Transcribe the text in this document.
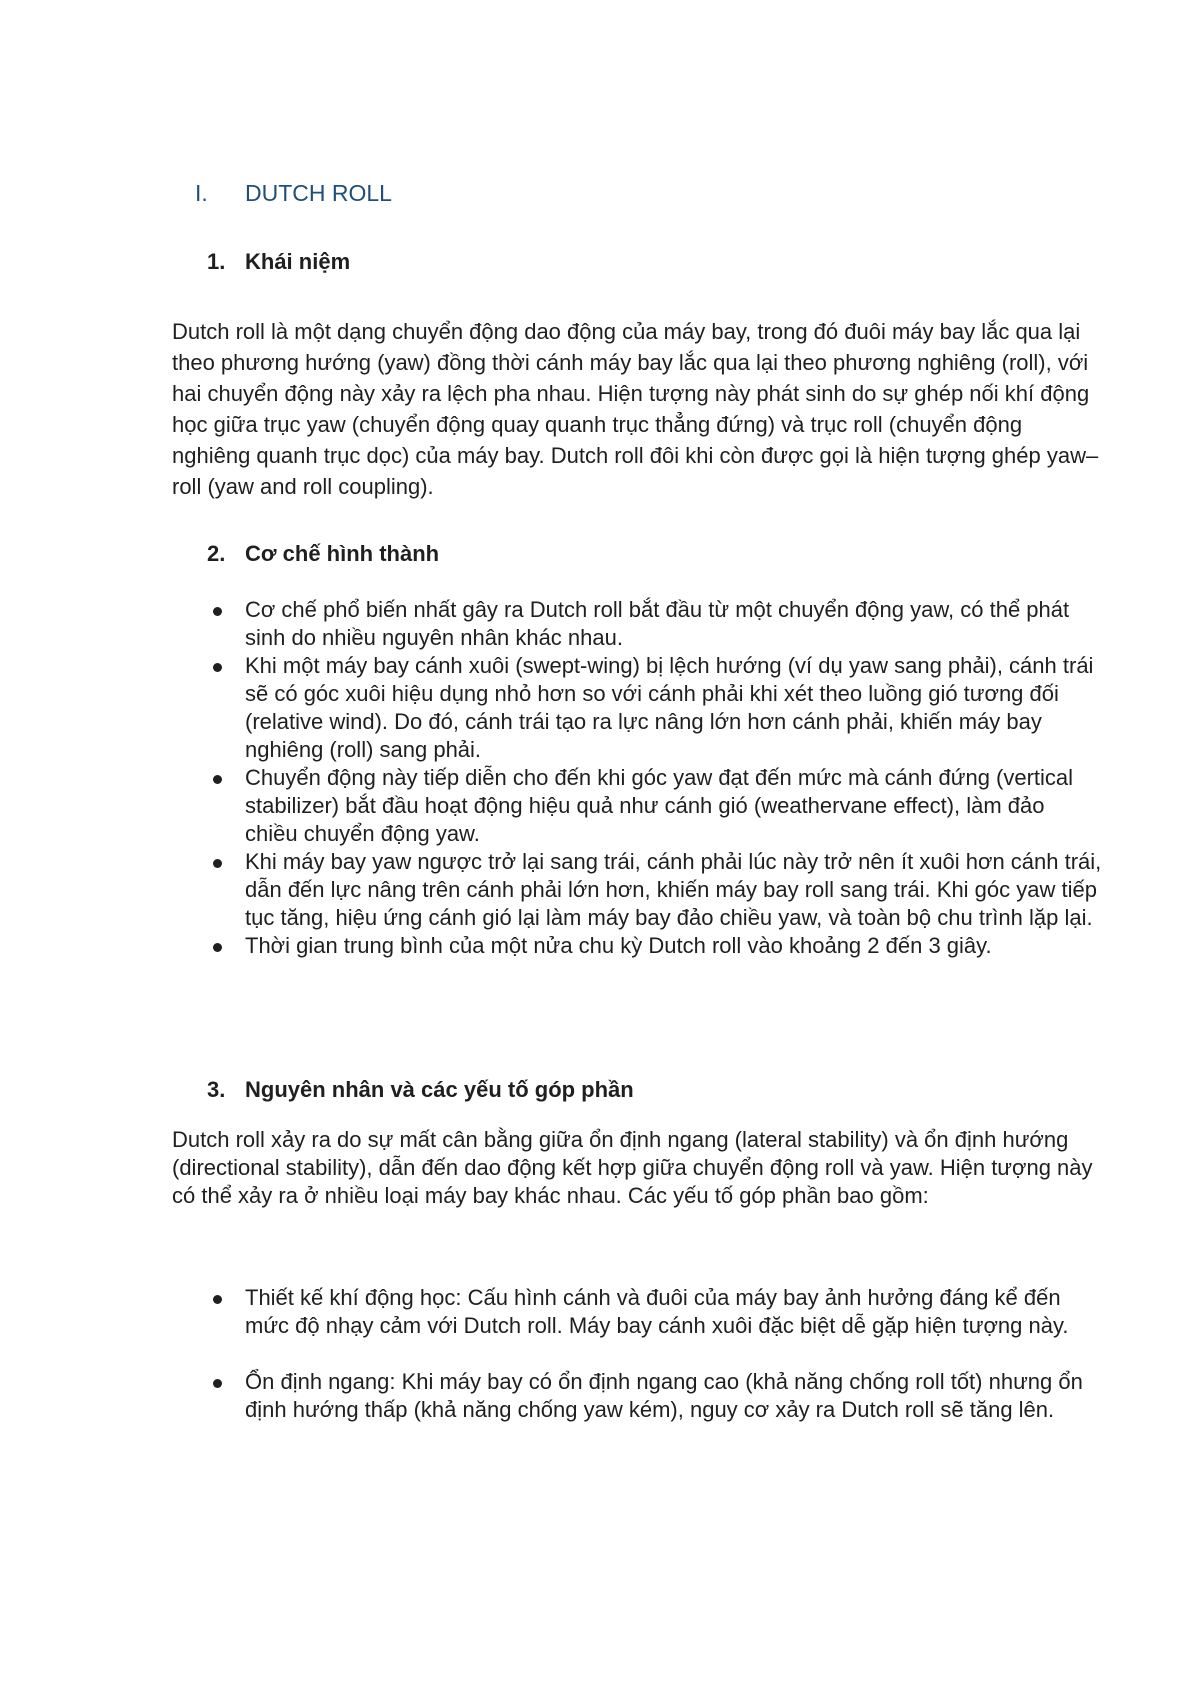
I.	DUTCH ROLL
1. Khái niệm

Dutch roll là một dạng chuyển động dao động của máy bay, trong đó đuôi máy bay lắc qua lại theo phương hướng (yaw) đồng thời cánh máy bay lắc qua lại theo phương nghiêng (roll), với hai chuyển động này xảy ra lệch pha nhau. Hiện tượng này phát sinh do sự ghép nối khí động học giữa trục yaw (chuyển động quay quanh trục thẳng đứng) và trục roll (chuyển động nghiêng quanh trục dọc) của máy bay. Dutch roll đôi khi còn được gọi là hiện tượng ghép yaw–roll (yaw and roll coupling).

2. Cơ chế hình thành
Cơ chế phổ biến nhất gây ra Dutch roll bắt đầu từ một chuyển động yaw, có thể phát sinh do nhiều nguyên nhân khác nhau.
Khi một máy bay cánh xuôi (swept-wing) bị lệch hướng (ví dụ yaw sang phải), cánh trái sẽ có góc xuôi hiệu dụng nhỏ hơn so với cánh phải khi xét theo luồng gió tương đối (relative wind). Do đó, cánh trái tạo ra lực nâng lớn hơn cánh phải, khiến máy bay nghiêng (roll) sang phải.
Chuyển động này tiếp diễn cho đến khi góc yaw đạt đến mức mà cánh đứng (vertical stabilizer) bắt đầu hoạt động hiệu quả như cánh gió (weathervane effect), làm đảo chiều chuyển động yaw.
Khi máy bay yaw ngược trở lại sang trái, cánh phải lúc này trở nên ít xuôi hơn cánh trái, dẫn đến lực nâng trên cánh phải lớn hơn, khiến máy bay roll sang trái. Khi góc yaw tiếp tục tăng, hiệu ứng cánh gió lại làm máy bay đảo chiều yaw, và toàn bộ chu trình lặp lại.
Thời gian trung bình của một nửa chu kỳ Dutch roll vào khoảng 2 đến 3 giây.
3. Nguyên nhân và các yếu tố góp phần

Dutch roll xảy ra do sự mất cân bằng giữa ổn định ngang (lateral stability) và ổn định hướng (directional stability), dẫn đến dao động kết hợp giữa chuyển động roll và yaw. Hiện tượng này có thể xảy ra ở nhiều loại máy bay khác nhau. Các yếu tố góp phần bao gồm:

Thiết kế khí động học: Cấu hình cánh và đuôi của máy bay ảnh hưởng đáng kể đến mức độ nhạy cảm với Dutch roll. Máy bay cánh xuôi đặc biệt dễ gặp hiện tượng này.
Ổn định ngang: Khi máy bay có ổn định ngang cao (khả năng chống roll tốt) nhưng ổn định hướng thấp (khả năng chống yaw kém), nguy cơ xảy ra Dutch roll sẽ tăng lên.
